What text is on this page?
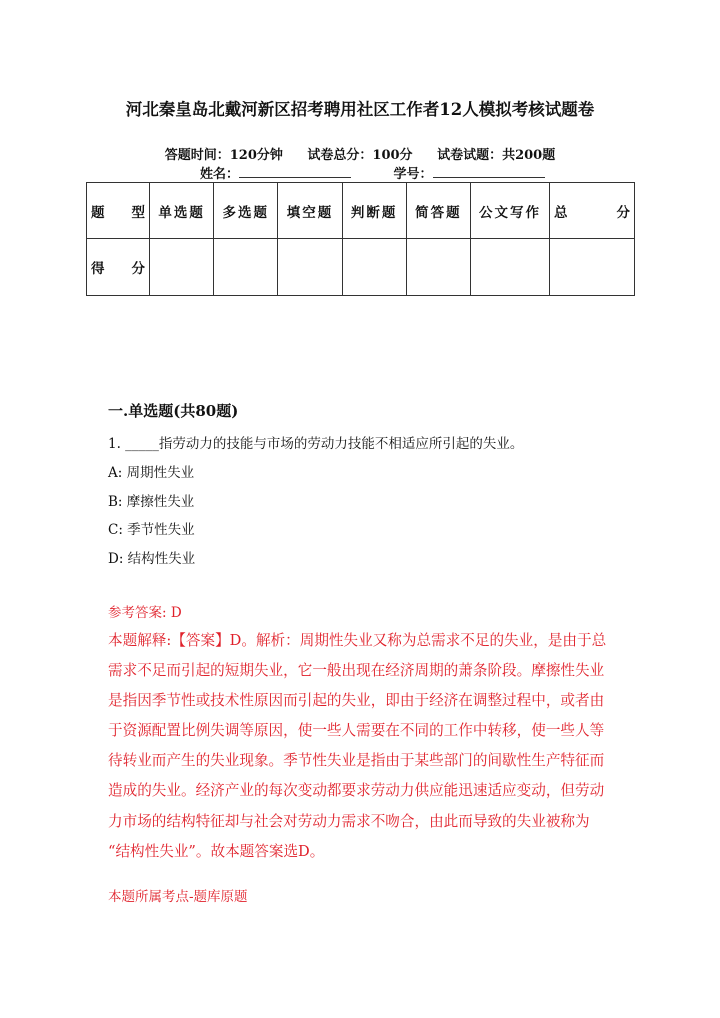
河北秦皇岛北戴河新区招考聘用社区工作者12人模拟考核试题卷
答题时间：120分钟 试卷总分：100分 试卷试题：共200题
姓名：	学号：
题 型	单选题	多选题	填空题	判断题	简答题	公文写作	总 分

得 分							

一.单选题(共80题)
1. _____指劳动力的技能与市场的劳动力技能不相适应所引起的失业。
A: 周期性失业
B: 摩擦性失业
C: 季节性失业
D: 结构性失业
参考答案: D
本题解释:【答案】D。解析：周期性失业又称为总需求不足的失业，是由于总
需求不足而引起的短期失业，它一般出现在经济周期的萧条阶段。摩擦性失业
是指因季节性或技术性原因而引起的失业，即由于经济在调整过程中，或者由
于资源配置比例失调等原因，使一些人需要在不同的工作中转移，使一些人等
待转业而产生的失业现象。季节性失业是指由于某些部门的间歇性生产特征而
造成的失业。经济产业的每次变动都要求劳动力供应能迅速适应变动，但劳动
力市场的结构特征却与社会对劳动力需求不吻合，由此而导致的失业被称为
“结构性失业”。故本题答案选D。
本题所属考点-题库原题
